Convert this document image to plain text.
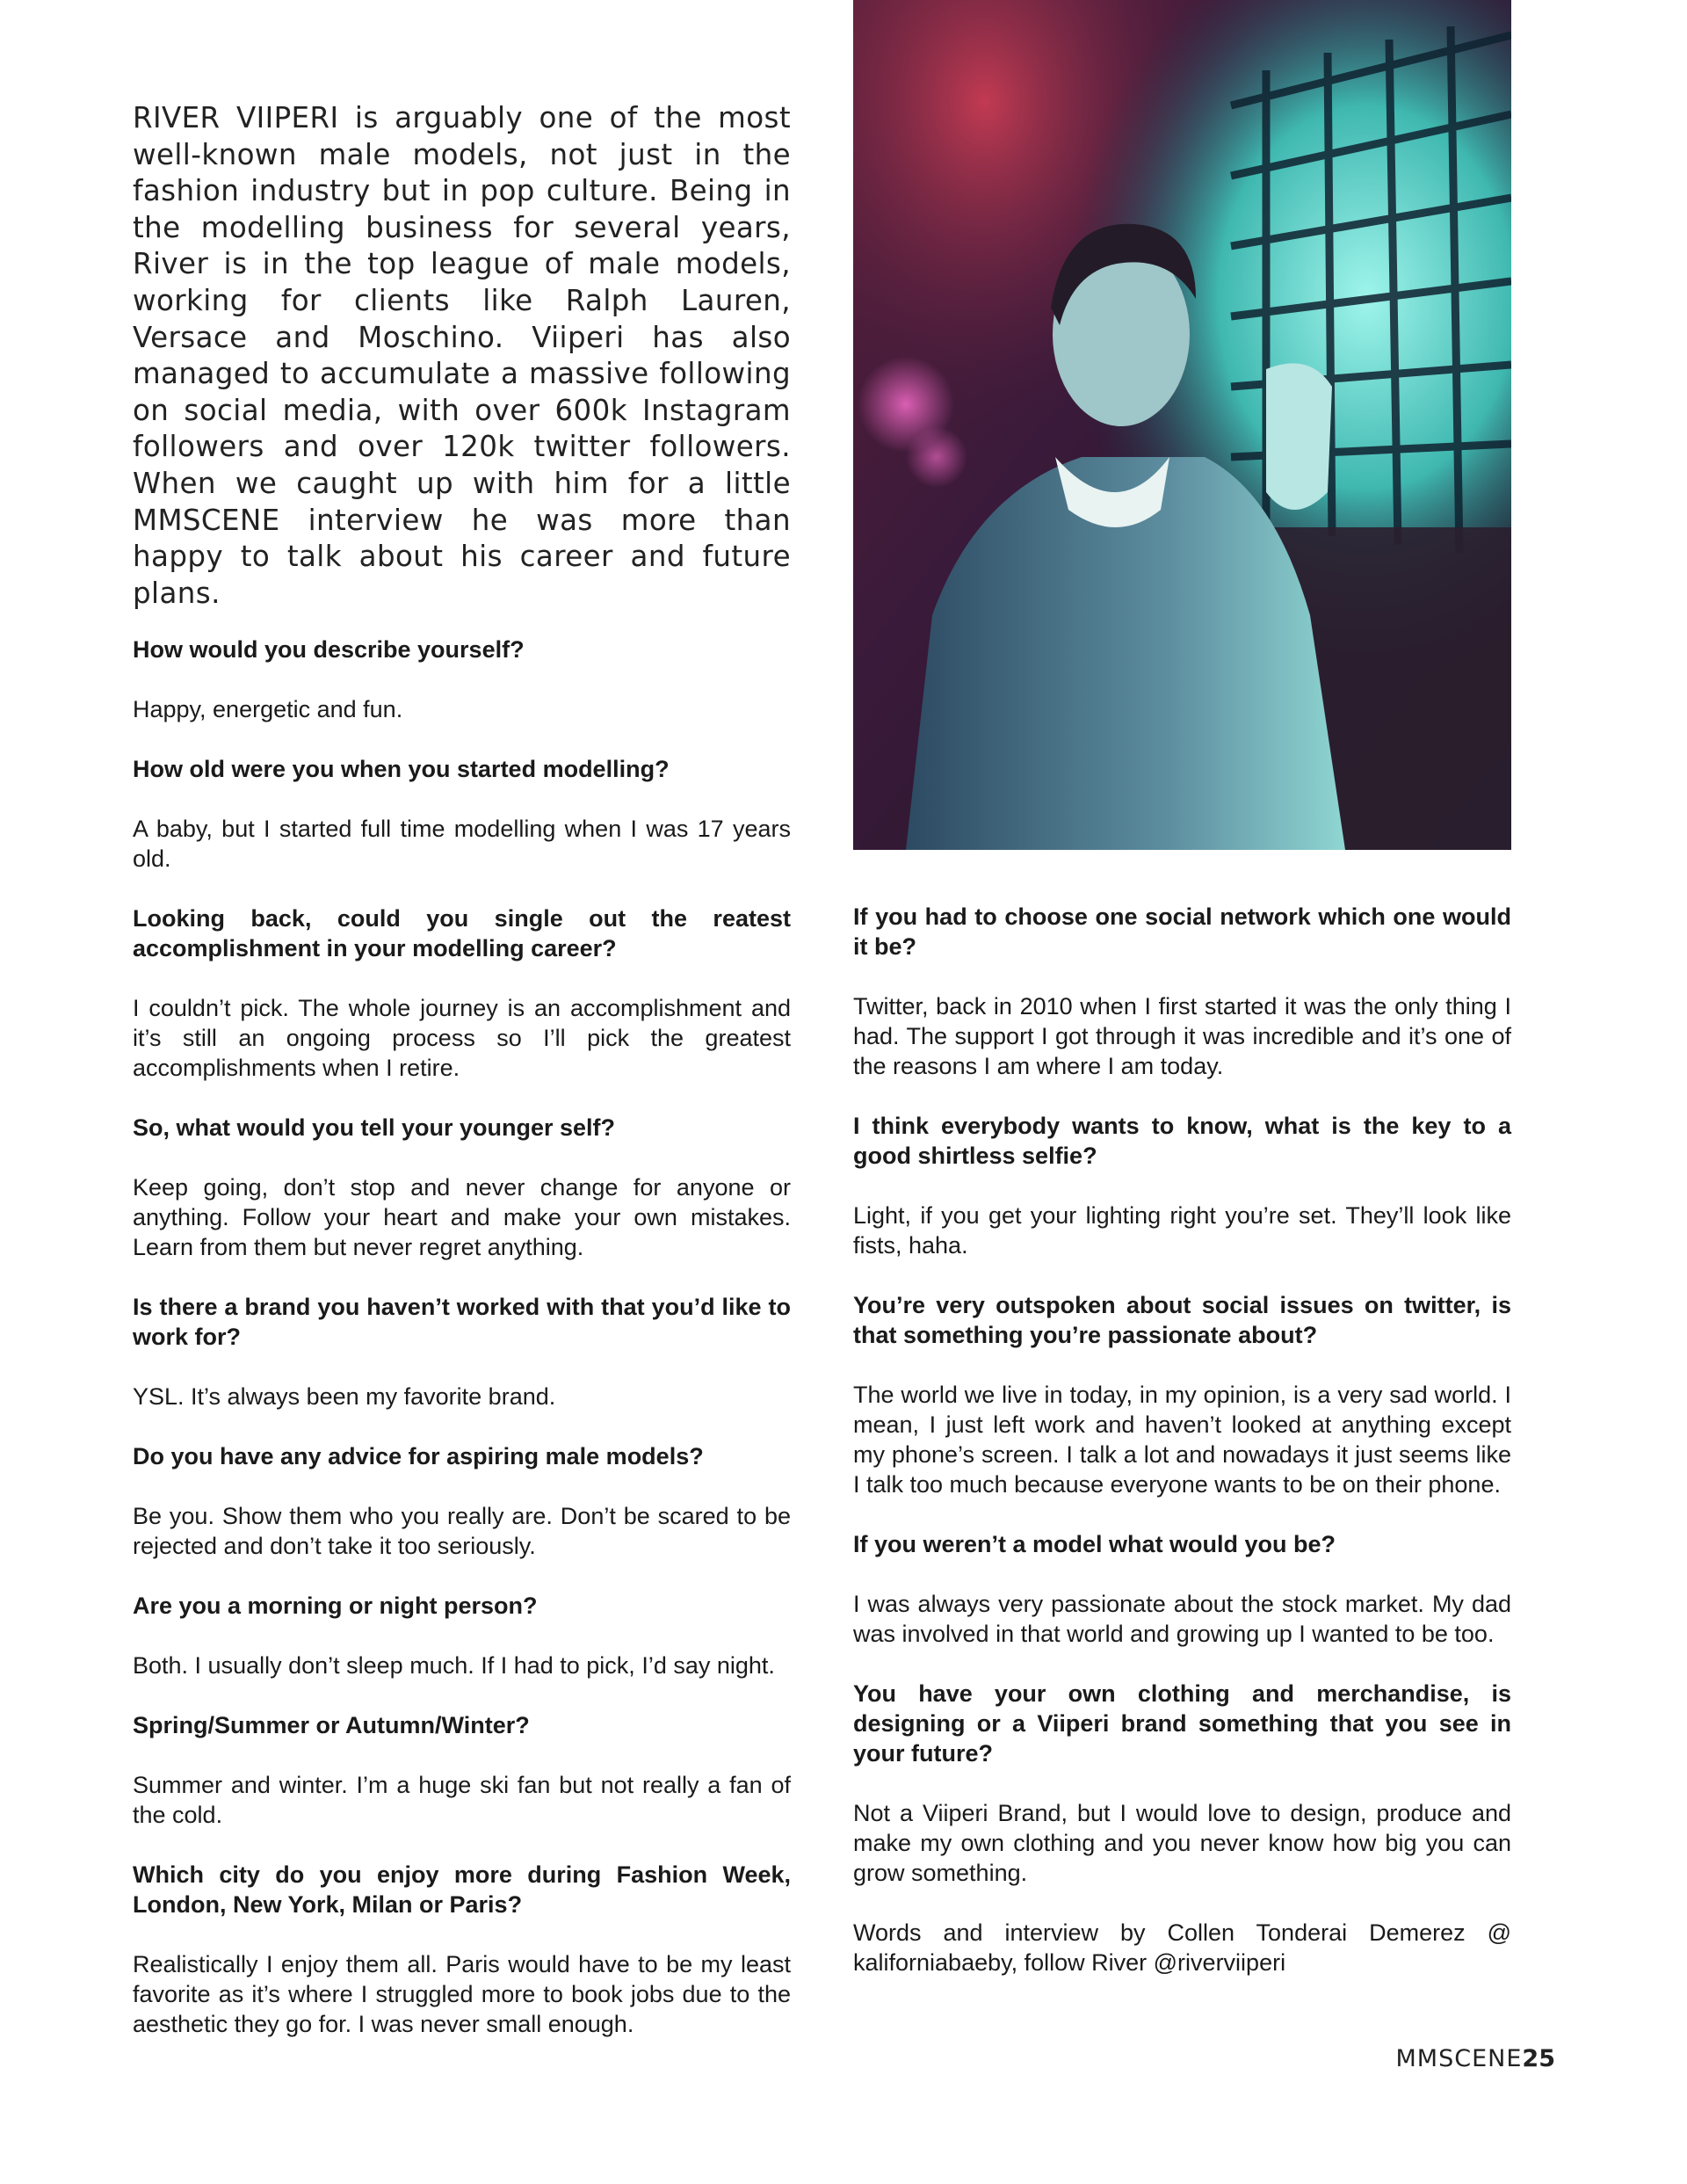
RIVER VIIPERI is arguably one of the most well-known male models, not just in the fashion industry but in pop culture. Being in the modelling business for several years, River is in the top league of male models, working for clients like Ralph Lauren, Versace and Moschino. Viiperi has also managed to accumulate a massive following on social media, with over 600k Instagram followers and over 120k twitter followers. When we caught up with him for a little MMSCENE interview he was more than happy to talk about his career and future plans.

How would you describe yourself?

Happy, energetic and fun.

How old were you when you started modelling?

A baby, but I started full time modelling when I was 17 years old.

Looking back, could you single out the reatest accomplishment in your modelling career?

I couldn’t pick. The whole journey is an accomplishment and it’s still an ongoing process so I’ll pick the greatest accomplishments when I retire.

So, what would you tell your younger self?

Keep going, don’t stop and never change for anyone or anything. Follow your heart and make your own mistakes. Learn from them but never regret anything.

Is there a brand you haven’t worked with that you’d like to work for?

YSL. It’s always been my favorite brand.

Do you have any advice for aspiring male models?

Be you. Show them who you really are. Don’t be scared to be rejected and don’t take it too seriously.

Are you a morning or night person?

Both. I usually don’t sleep much. If I had to pick, I’d say night.

Spring/Summer or Autumn/Winter?

Summer and winter. I’m a huge ski fan but not really a fan of the cold.

Which city do you enjoy more during Fashion Week, London, New York, Milan or Paris?

Realistically I enjoy them all. Paris would have to be my least favorite as it’s where I struggled more to book jobs due to the aesthetic they go for. I was never small enough.

If you had to choose one social network which one would it be?

Twitter, back in 2010 when I first started it was the only thing I had. The support I got through it was incredible and it’s one of the reasons I am where I am today.

I think everybody wants to know, what is the key to a good shirtless selfie?

Light, if you get your lighting right you’re set. They’ll look like fists, haha.

You’re very outspoken about social issues on twitter, is that something you’re passionate about?

The world we live in today, in my opinion, is a very sad world. I mean, I just left work and haven’t looked at anything except my phone’s screen. I talk a lot and nowadays it just seems like I talk too much because everyone wants to be on their phone.

If you weren’t a model what would you be?

I was always very passionate about the stock market. My dad was involved in that world and growing up I wanted to be too.

You have your own clothing and merchandise, is designing or a Viiperi brand something that you see in your future?

Not a Viiperi Brand, but I would love to design, produce and make my own clothing and you never know how big you can grow something.

Words and interview by Collen Tonderai Demerez @ kaliforniabaeby, follow River @riverviiperi

MMSCENE25
